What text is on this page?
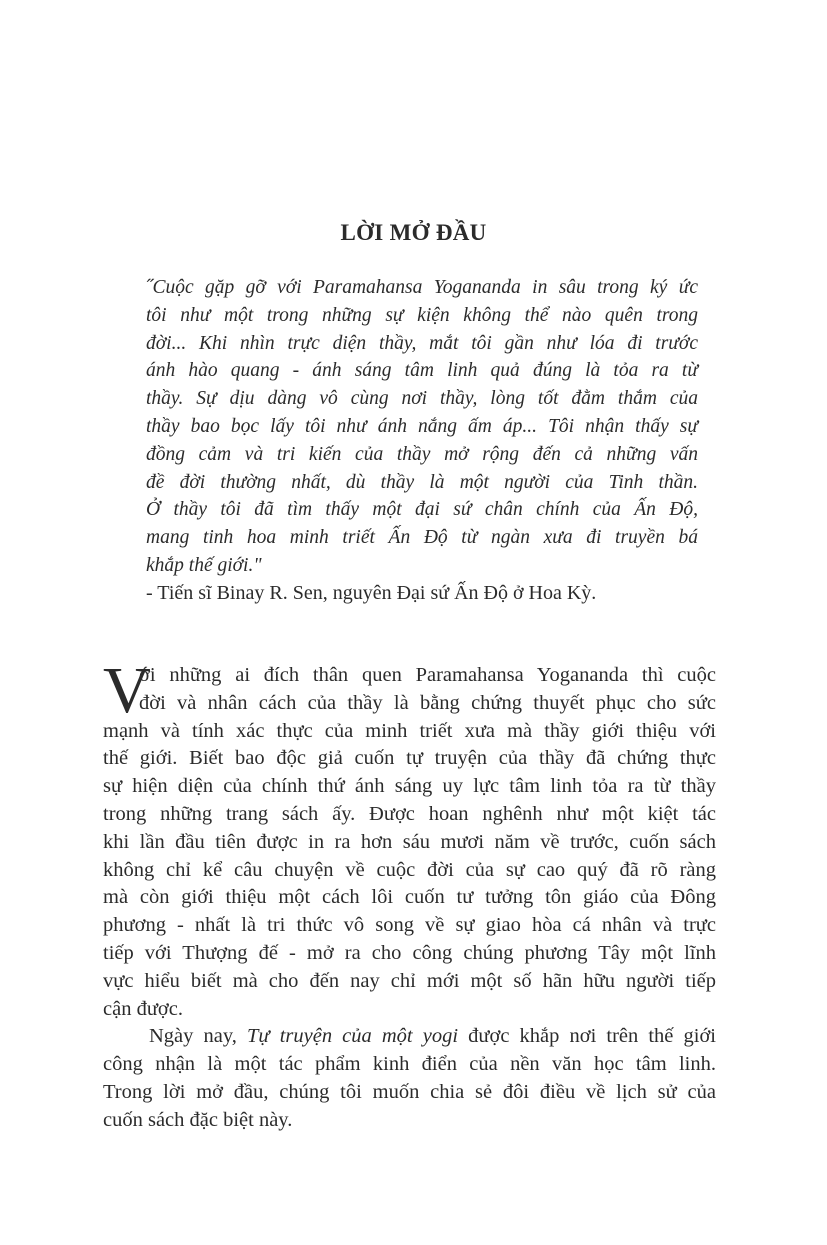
LỜI MỞ ĐẦU
˝Cuộc gặp gỡ với Paramahansa Yogananda in sâu trong ký ức
tôi như một trong những sự kiện không thể nào quên trong
đời... Khi nhìn trực diện thầy, mắt tôi gần như lóa đi trước
ánh hào quang - ánh sáng tâm linh quả đúng là tỏa ra từ
thầy. Sự dịu dàng vô cùng nơi thầy, lòng tốt đằm thắm của
thầy bao bọc lấy tôi như ánh nắng ấm áp... Tôi nhận thấy sự
đồng cảm và tri kiến của thầy mở rộng đến cả những vấn
đề đời thường nhất, dù thầy là một người của Tinh thần.
Ở thầy tôi đã tìm thấy một đại sứ chân chính của Ấn Độ,
mang tinh hoa minh triết Ấn Độ từ ngàn xưa đi truyền bá
khắp thế giới."
- Tiến sĩ Binay R. Sen, nguyên Đại sứ Ấn Độ ở Hoa Kỳ.
V
ới những ai đích thân quen Paramahansa Yogananda thì cuộc
đời và nhân cách của thầy là bằng chứng thuyết phục cho sức
mạnh và tính xác thực của minh triết xưa mà thầy giới thiệu với
thế giới. Biết bao độc giả cuốn tự truyện của thầy đã chứng thực
sự hiện diện của chính thứ ánh sáng uy lực tâm linh tỏa ra từ thầy
trong những trang sách ấy. Được hoan nghênh như một kiệt tác
khi lần đầu tiên được in ra hơn sáu mươi năm về trước, cuốn sách
không chỉ kể câu chuyện về cuộc đời của sự cao quý đã rõ ràng
mà còn giới thiệu một cách lôi cuốn tư tưởng tôn giáo của Đông
phương - nhất là tri thức vô song về sự giao hòa cá nhân và trực
tiếp với Thượng đế - mở ra cho công chúng phương Tây một lĩnh
vực hiểu biết mà cho đến nay chỉ mới một số hãn hữu người tiếp
cận được.
Ngày nay, Tự truyện của một yogi được khắp nơi trên thế giới
công nhận là một tác phẩm kinh điển của nền văn học tâm linh.
Trong lời mở đầu, chúng tôi muốn chia sẻ đôi điều về lịch sử của
cuốn sách đặc biệt này.
